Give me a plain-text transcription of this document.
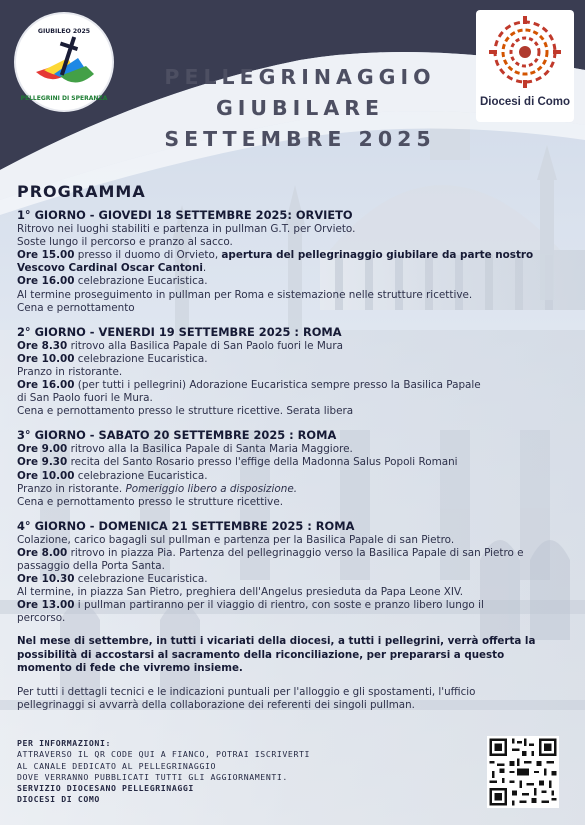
GIUBILEO 2025
PELLEGRINI DI SPERANZA	Diocesi di Como
PELLEGRINAGGIO
GIUBILARE
SETTEMBRE 2025
PROGRAMMA
1° GIORNO - GIOVEDI 18 SETTEMBRE 2025: ORVIETO
Ritrovo nei luoghi stabiliti e partenza in pullman G.T. per Orvieto.
Soste lungo il percorso e pranzo al sacco.
Ore 15.00 presso il duomo di Orvieto, apertura del pellegrinaggio giubilare da parte nostro
Vescovo Cardinal Oscar Cantoni.
Ore 16.00 celebrazione Eucaristica.
Al termine proseguimento in pullman per Roma e sistemazione nelle strutture ricettive.
Cena e pernottamento
2° GIORNO - VENERDI 19 SETTEMBRE 2025 : ROMA
Ore 8.30 ritrovo alla Basilica Papale di San Paolo fuori le Mura
Ore 10.00 celebrazione Eucaristica.
Pranzo in ristorante.
Ore 16.00 (per tutti i pellegrini) Adorazione Eucaristica sempre presso la Basilica Papale
di San Paolo fuori le Mura.
Cena e pernottamento presso le strutture ricettive. Serata libera
3° GIORNO - SABATO 20 SETTEMBRE 2025 : ROMA
Ore 9.00 ritrovo alla la Basilica Papale di Santa Maria Maggiore.
Ore 9.30 recita del Santo Rosario presso l'effige della Madonna Salus Popoli Romani
Ore 10.00 celebrazione Eucaristica.
Pranzo in ristorante. Pomeriggio libero a disposizione.
Cena e pernottamento presso le strutture ricettive.
4° GIORNO - DOMENICA 21 SETTEMBRE 2025 : ROMA
Colazione, carico bagagli sul pullman e partenza per la Basilica Papale di san Pietro.
Ore 8.00 ritrovo in piazza Pia. Partenza del pellegrinaggio verso la Basilica Papale di san Pietro e
passaggio della Porta Santa.
Ore 10.30 celebrazione Eucaristica.
Al termine, in piazza San Pietro, preghiera dell'Angelus presieduta da Papa Leone XIV.
Ore 13.00 i pullman partiranno per il viaggio di rientro, con soste e pranzo libero lungo il
percorso.
Nel mese di settembre, in tutti i vicariati della diocesi, a tutti i pellegrini, verrà offerta la
possibilità di accostarsi al sacramento della riconciliazione, per prepararsi a questo
momento di fede che vivremo insieme.
Per tutti i dettagli tecnici e le indicazioni puntuali per l'alloggio e gli spostamenti, l'ufficio
pellegrinaggi si avvarrà della collaborazione dei referenti dei singoli pullman.
PER INFORMAZIONI:
ATTRAVERSO IL QR CODE QUI A FIANCO, POTRAI ISCRIVERTI
AL CANALE DEDICATO AL PELLEGRINAGGIO
DOVE VERRANNO PUBBLICATI TUTTI GLI AGGIORNAMENTI.
SERVIZIO DIOCESANO PELLEGRINAGGI
DIOCESI DI COMO
